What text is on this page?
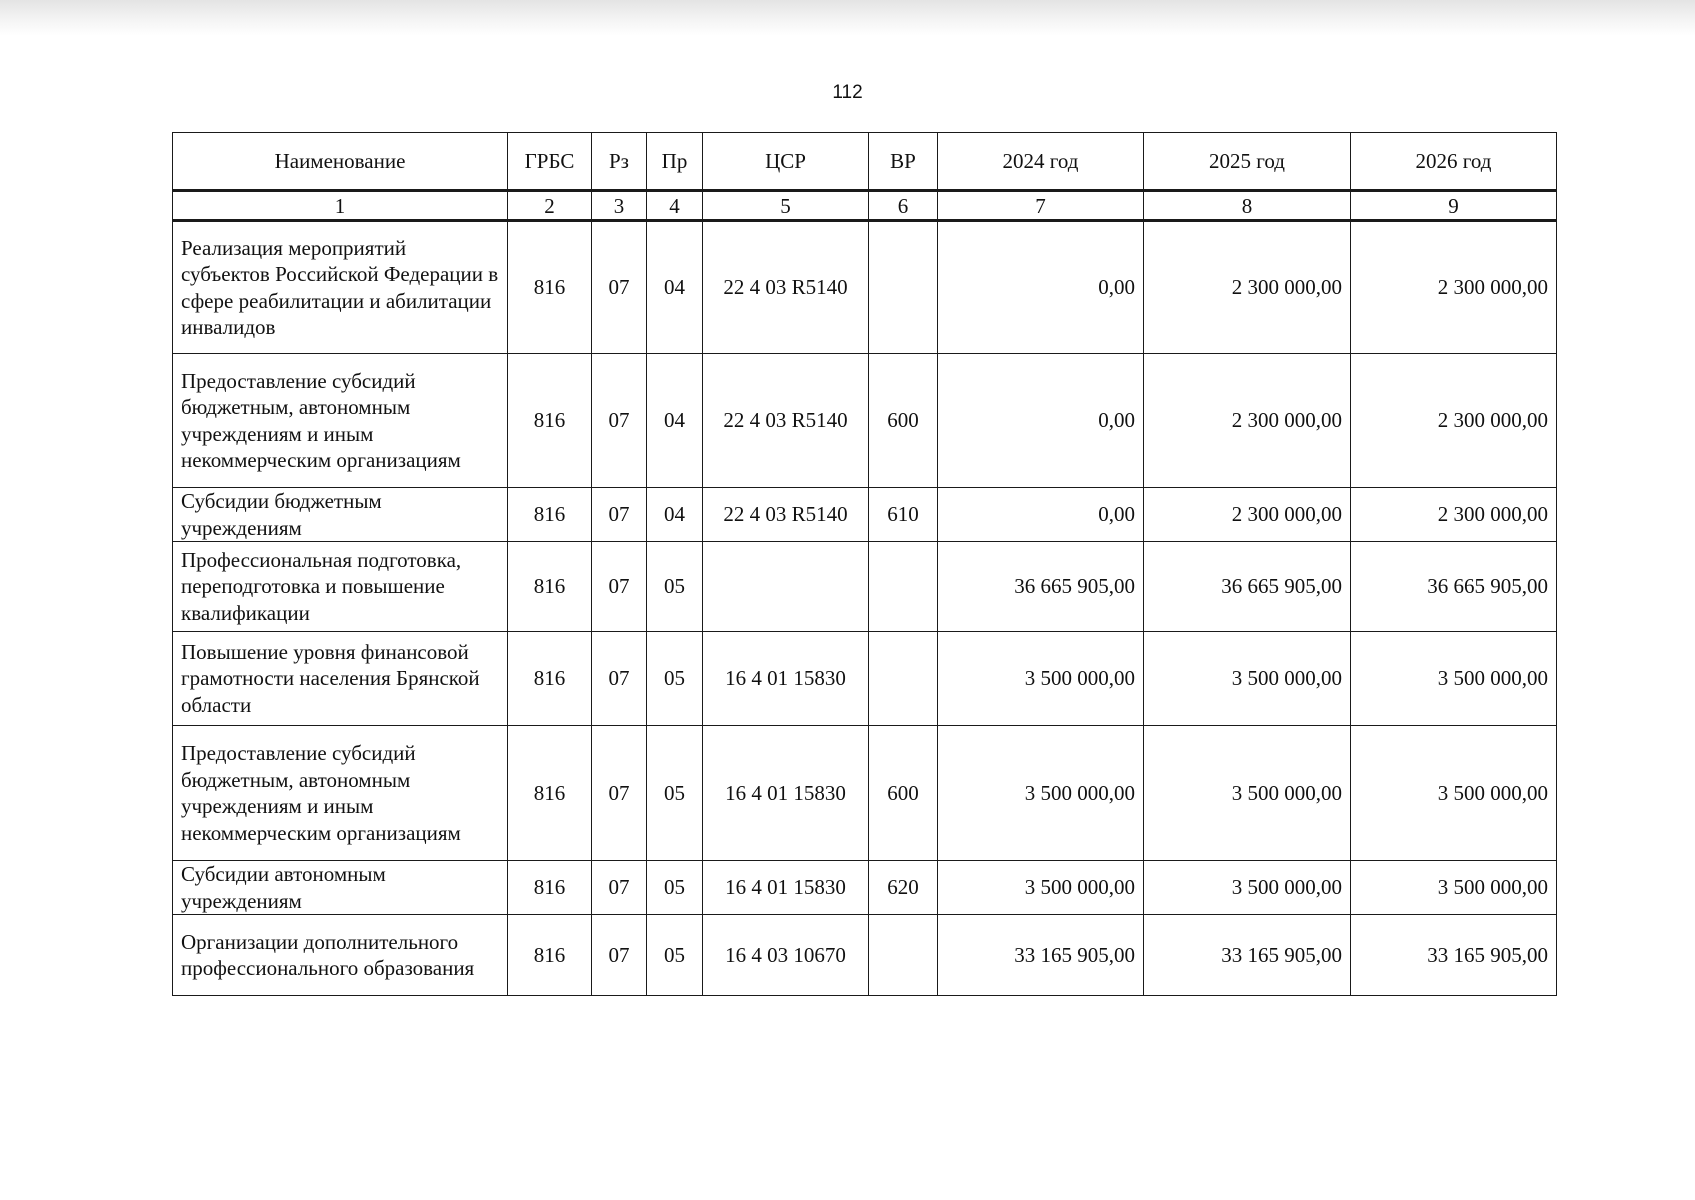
112
Наименование	ГРБС	Рз	Пр	ЦСР	ВР	2024 год	2025 год	2026 год
1	2	3	4	5	6	7	8	9
Реализация мероприятий субъектов Российской Федерации в сфере реабилитации и абилитации инвалидов	816	07	04	22 4 03 R5140		0,00	2 300 000,00	2 300 000,00
Предоставление субсидий бюджетным, автономным учреждениям и иным некоммерческим организациям	816	07	04	22 4 03 R5140	600	0,00	2 300 000,00	2 300 000,00
Субсидии бюджетным учреждениям	816	07	04	22 4 03 R5140	610	0,00	2 300 000,00	2 300 000,00
Профессиональная подготовка, переподготовка и повышение квалификации	816	07	05			36 665 905,00	36 665 905,00	36 665 905,00
Повышение уровня финансовой грамотности населения Брянской области	816	07	05	16 4 01 15830		3 500 000,00	3 500 000,00	3 500 000,00
Предоставление субсидий бюджетным, автономным учреждениям и иным некоммерческим организациям	816	07	05	16 4 01 15830	600	3 500 000,00	3 500 000,00	3 500 000,00
Субсидии автономным учреждениям	816	07	05	16 4 01 15830	620	3 500 000,00	3 500 000,00	3 500 000,00
Организации дополнительного профессионального образования	816	07	05	16 4 03 10670		33 165 905,00	33 165 905,00	33 165 905,00
